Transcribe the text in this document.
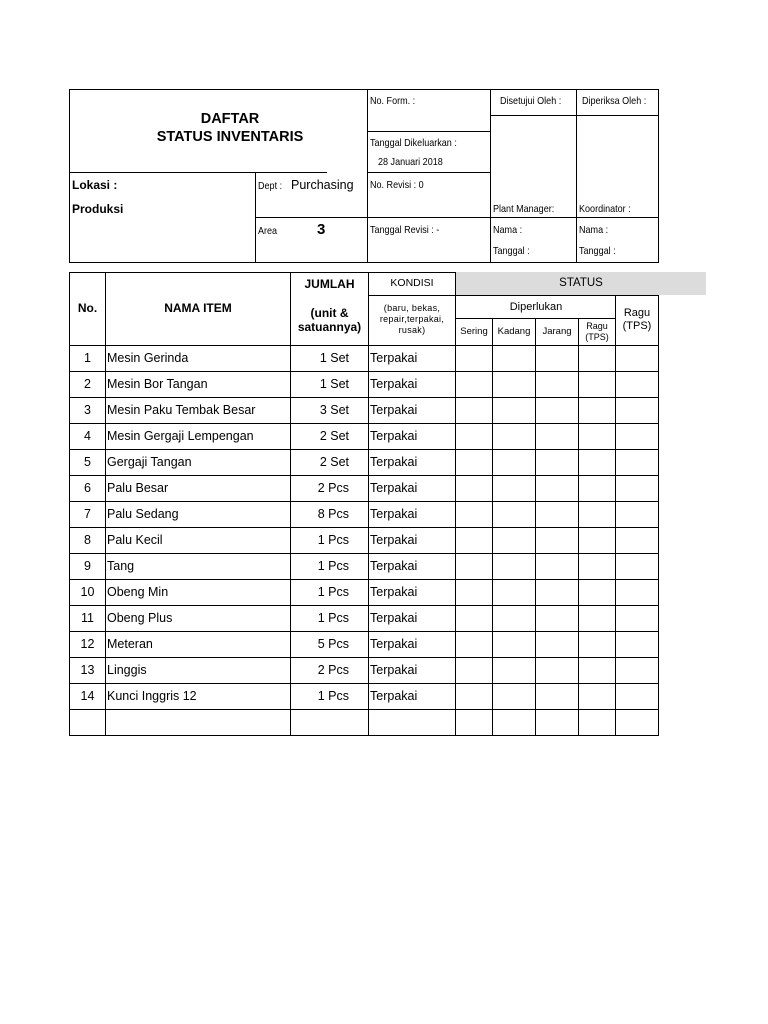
DAFTAR
STATUS INVENTARIS
No. Form. :
Tanggal Dikeluarkan :
28 Januari 2018
No. Revisi : 0
Tanggal Revisi : -
Disetujui Oleh : Diperiksa Oleh :
Plant Manager: Koordinator :
Nama :
Tanggal :
Nama :
Tanggal :
Lokasi :
Produksi
Dept : Purchasing
Area	3
No.	NAMA ITEM
JUMLAH
(unit &
satuannya)
KONDISI
(baru, bekas,
repair,terpakai,
rusak)
STATUS
Diperlukan	Ragu
(TPS)
Sering	Kadang	Jarang	Ragu
(TPS)
1	Mesin Gerinda	1 Set Terpakai
2	Mesin Bor Tangan	1 Set Terpakai
3	Mesin Paku Tembak Besar	3 Set Terpakai
4	Mesin Gergaji Lempengan	2 Set Terpakai
5	Gergaji Tangan	2 Set Terpakai
6	Palu Besar	2 Pcs Terpakai
7	Palu Sedang	8 Pcs Terpakai
8	Palu Kecil	1 Pcs Terpakai
9	Tang	1 Pcs Terpakai
10	Obeng Min	1 Pcs Terpakai
11	Obeng Plus	1 Pcs Terpakai
12	Meteran	5 Pcs Terpakai
13	Linggis	2 Pcs Terpakai
14	Kunci Inggris 12	1 Pcs Terpakai
